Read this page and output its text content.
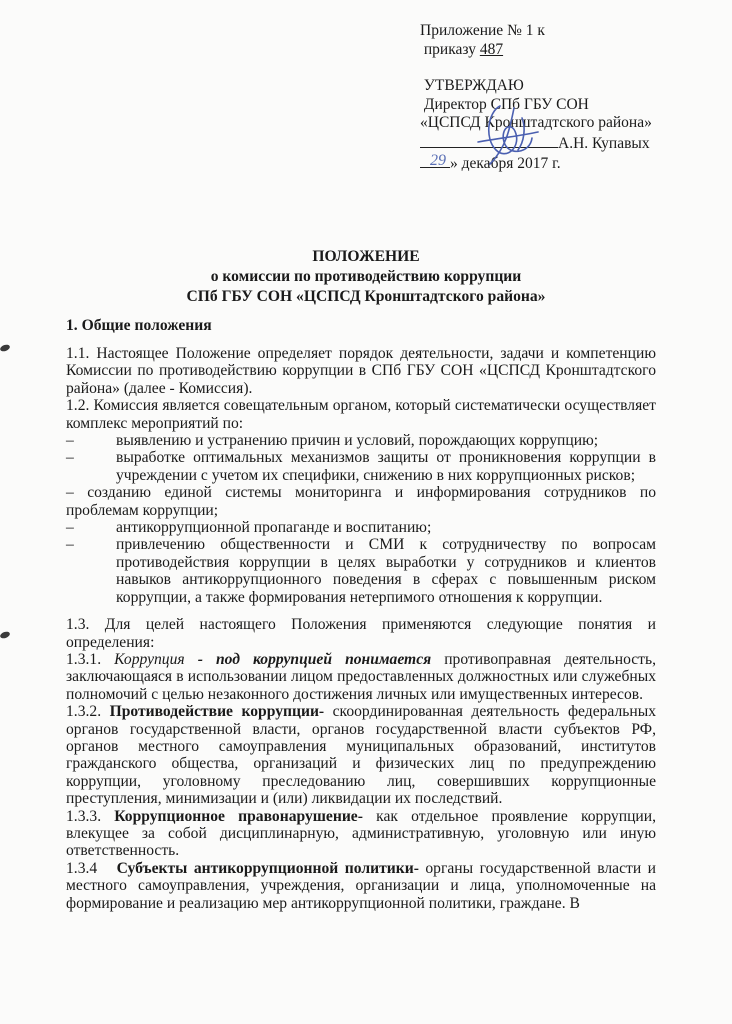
Приложение № 1 к
приказу 487
УТВЕРЖДАЮ
Директор СПб ГБУ СОН
«ЦСПСД Кронштадтского района»
А.Н. Купавых
29 » декабря 2017 г.
ПОЛОЖЕНИЕ
о комиссии по противодействию коррупции
СПб ГБУ СОН «ЦСПСД Кронштадтского района»
1. Общие положения

1.1. Настоящее Положение определяет порядок деятельности, задачи и компетенцию Комиссии по противодействию коррупции в СПб ГБУ СОН «ЦСПСД Кронштадтского района» (далее - Комиссия).

1.2. Комиссия является совещательным органом, который систематически осуществляет комплекс мероприятий по:

–	выявлению и устранению причин и условий, порождающих коррупцию;
–	выработке оптимальных механизмов защиты от проникновения коррупции в учреждении с учетом их специфики, снижению в них коррупционных рисков;

– созданию единой системы мониторинга и информирования сотрудников по проблемам коррупции;

–	антикоррупционной пропаганде и воспитанию;
–	привлечению общественности и СМИ к сотрудничеству по вопросам противодействия коррупции в целях выработки у сотрудников и клиентов навыков антикоррупционного поведения в сферах с повышенным риском коррупции, а также формирования нетерпимого отношения к коррупции.

1.3. Для целей настоящего Положения применяются следующие понятия и определения:

1.3.1. Коррупция - под коррупцией понимается противоправная деятельность, заключающаяся в использовании лицом предоставленных должностных или служебных полномочий с целью незаконного достижения личных или имущественных интересов.

1.3.2. Противодействие коррупции- скоординированная деятельность федеральных органов государственной власти, органов государственной власти субъектов РФ, органов местного самоуправления муниципальных образований, институтов гражданского общества, организаций и физических лиц по предупреждению коррупции, уголовному преследованию лиц, совершивших коррупционные преступления, минимизации и (или) ликвидации их последствий.

1.3.3. Коррупционное правонарушение- как отдельное проявление коррупции, влекущее за собой дисциплинарную, административную, уголовную или иную ответственность.

1.3.4   Субъекты антикоррупционной политики- органы государственной власти и местного самоуправления, учреждения, организации и лица, уполномоченные на формирование и реализацию мер антикоррупционной политики, граждане. В
